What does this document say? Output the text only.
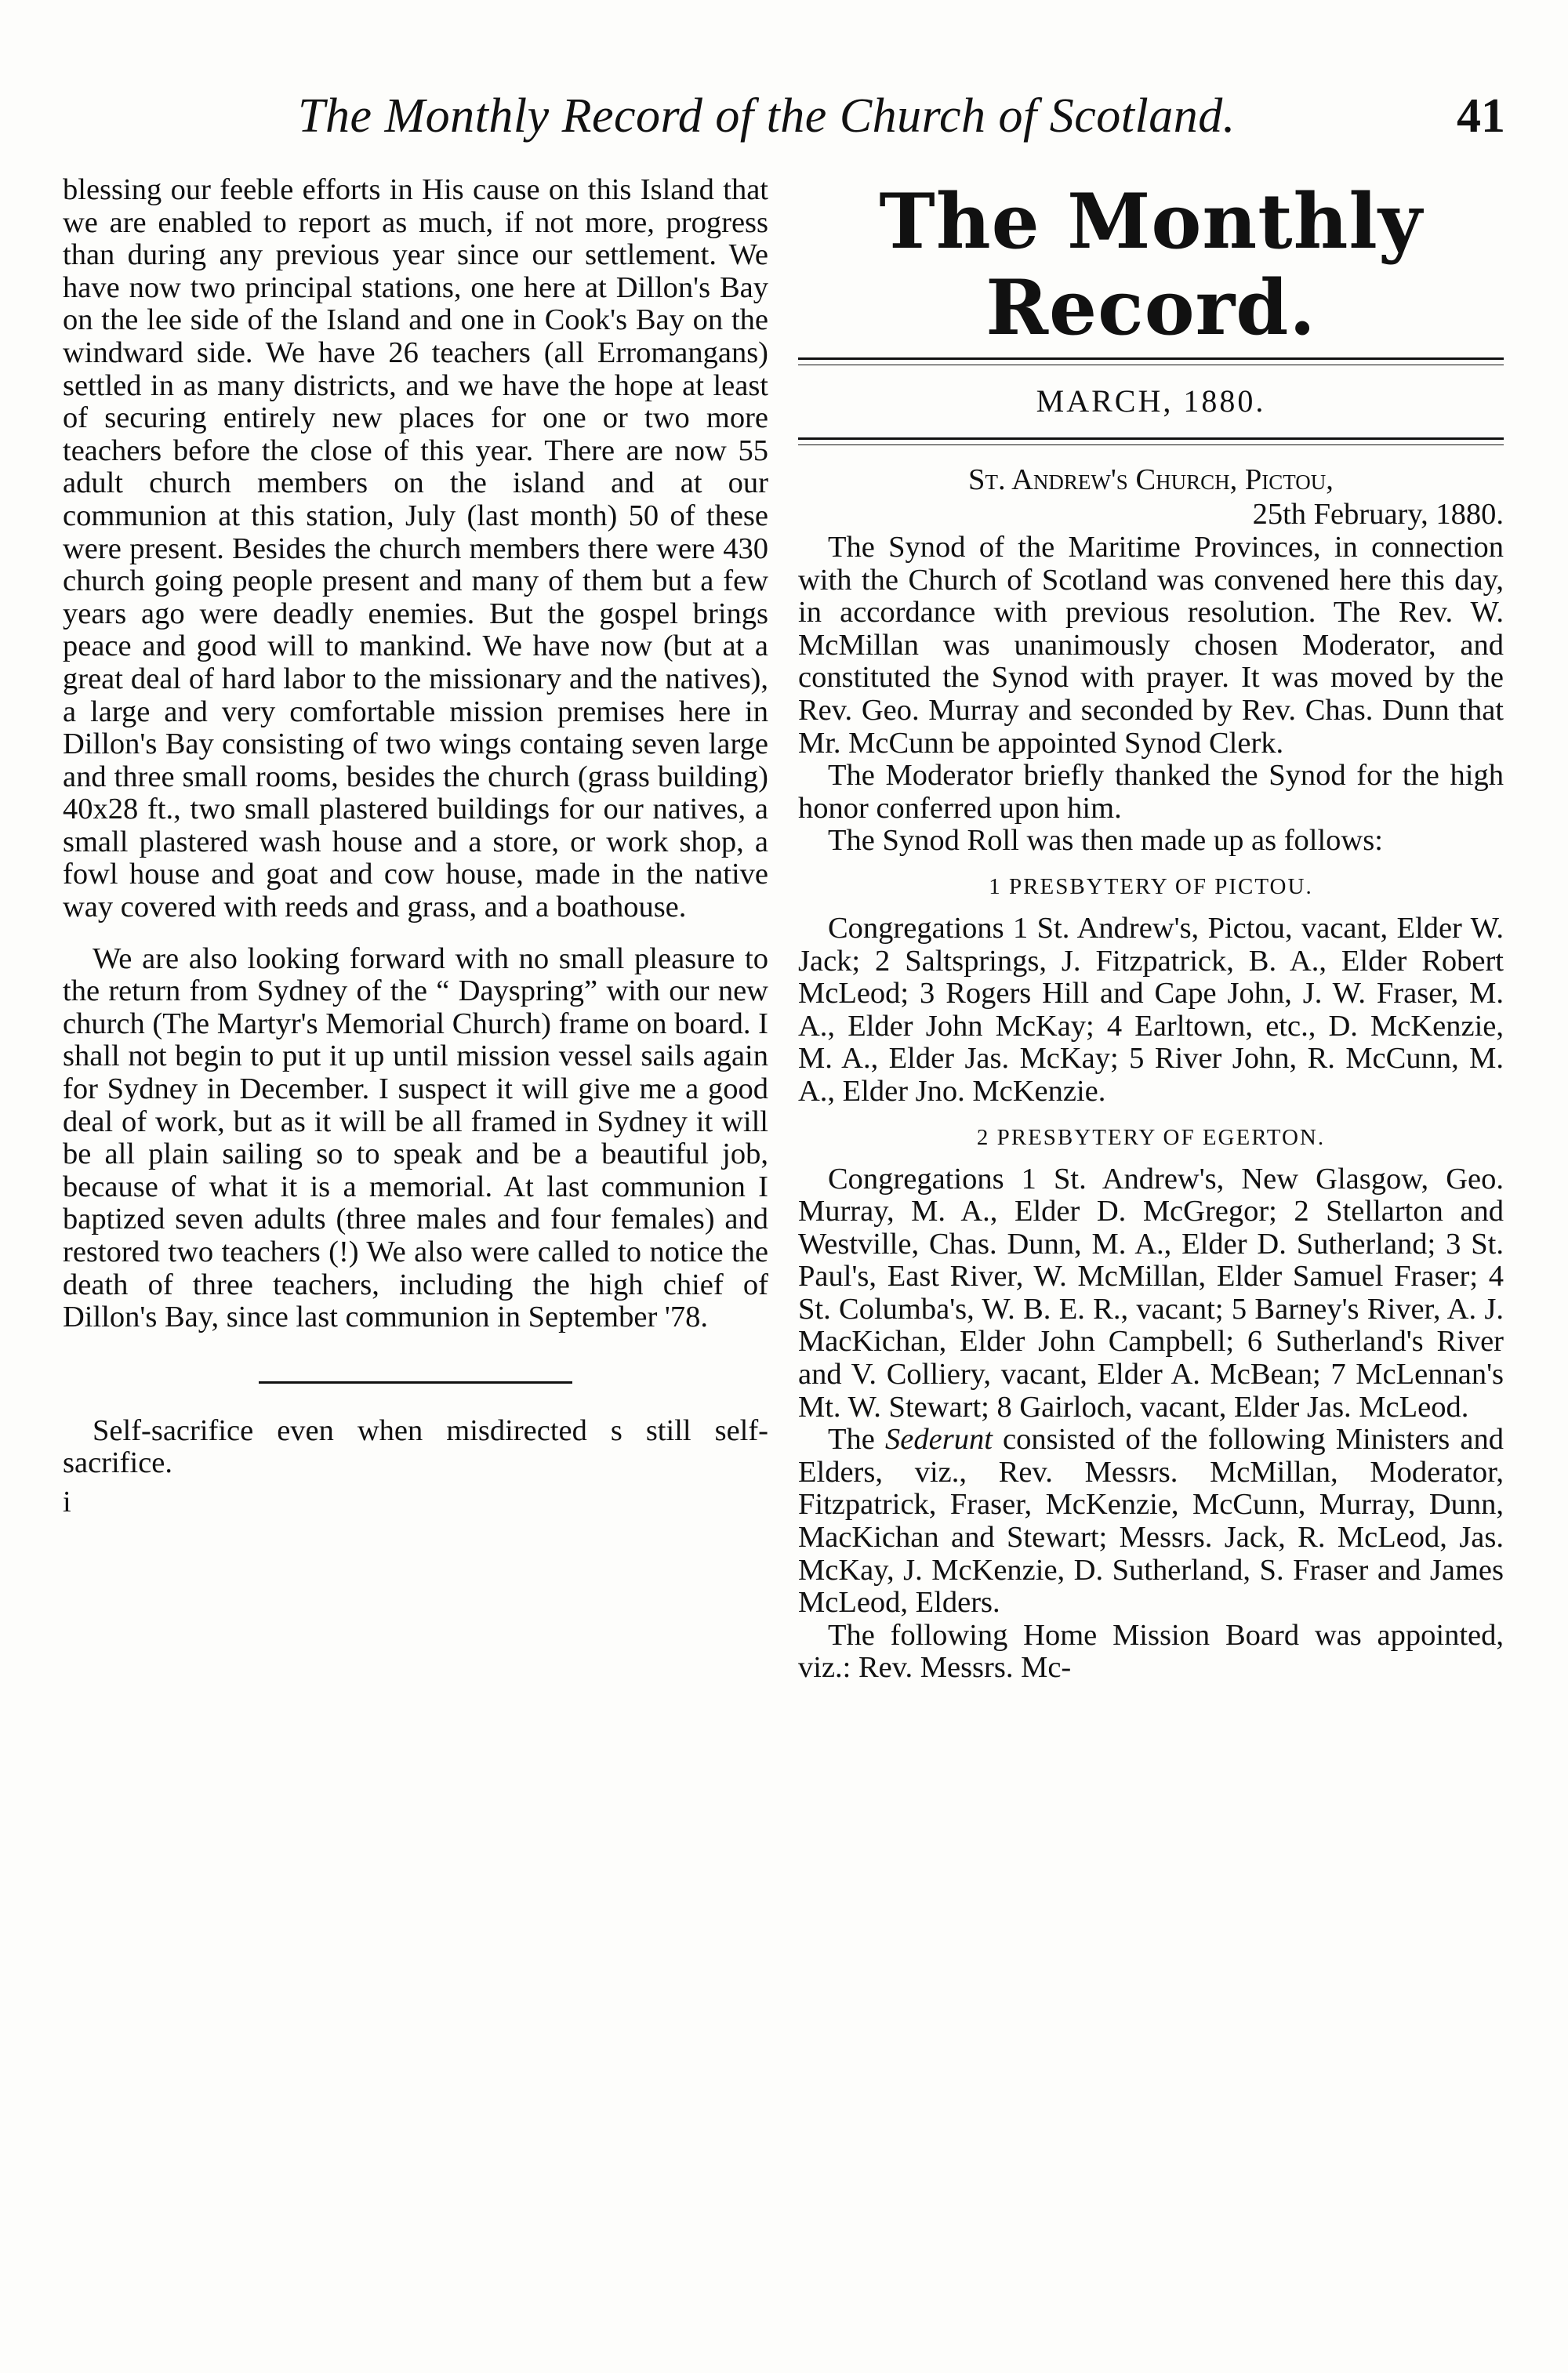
The Monthly Record of the Church of Scotland.	41

blessing our feeble efforts in His cause on this Island that we are enabled to report as much, if not more, progress than during any previous year since our settlement. We have now two principal stations, one here at Dillon's Bay on the lee side of the Island and one in Cook's Bay on the windward side. We have 26 teachers (all Erromangans) settled in as many districts, and we have the hope at least of securing entirely new places for one or two more teachers before the close of this year. There are now 55 adult church members on the island and at our communion at this station, July (last month) 50 of these were present. Besides the church members there were 430 church going people present and many of them but a few years ago were deadly enemies. But the gospel brings peace and good will to mankind. We have now (but at a great deal of hard labor to the missionary and the natives), a large and very comfortable mission premises here in Dillon's Bay consisting of two wings containg seven large and three small rooms, besides the church (grass building) 40x28 ft., two small plastered buildings for our natives, a small plastered wash house and a store, or work shop, a fowl house and goat and cow house, made in the native way covered with reeds and grass, and a boathouse.

We are also looking forward with no small pleasure to the return from Sydney of the “ Dayspring” with our new church (The Martyr's Memorial Church) frame on board. I shall not begin to put it up until mission vessel sails again for Sydney in December. I suspect it will give me a good deal of work, but as it will be all framed in Sydney it will be all plain sailing so to speak and be a beautiful job, because of what it is a memorial. At last communion I baptized seven adults (three males and four females) and restored two teachers (!) We also were called to notice the death of three teachers, including the high chief of Dillon's Bay, since last communion in September '78.

Self-sacrifice even when misdirected s still self-sacrifice.

i
The Monthly Record.
MARCH, 1880.
St. Andrew's Church, Pictou,
25th February, 1880.

The Synod of the Maritime Provinces, in connection with the Church of Scotland was convened here this day, in accordance with previous resolution. The Rev. W. McMillan was unanimously chosen Moderator, and constituted the Synod with prayer. It was moved by the Rev. Geo. Murray and seconded by Rev. Chas. Dunn that Mr. McCunn be appointed Synod Clerk.

The Moderator briefly thanked the Synod for the high honor conferred upon him.

The Synod Roll was then made up as follows:

1 PRESBYTERY OF PICTOU.

Congregations 1 St. Andrew's, Pictou, vacant, Elder W. Jack; 2 Saltsprings, J. Fitzpatrick, B. A., Elder Robert McLeod; 3 Rogers Hill and Cape John, J. W. Fraser, M. A., Elder John McKay; 4 Earltown, etc., D. McKenzie, M. A., Elder Jas. McKay; 5 River John, R. McCunn, M. A., Elder Jno. McKenzie.

2 PRESBYTERY OF EGERTON.

Congregations 1 St. Andrew's, New Glasgow, Geo. Murray, M. A., Elder D. McGregor; 2 Stellarton and Westville, Chas. Dunn, M. A., Elder D. Sutherland; 3 St. Paul's, East River, W. McMillan, Elder Samuel Fraser; 4 St. Columba's, W. B. E. R., vacant; 5 Barney's River, A. J. MacKichan, Elder John Campbell; 6 Sutherland's River and V. Colliery, vacant, Elder A. McBean; 7 McLennan's Mt. W. Stewart; 8 Gairloch, vacant, Elder Jas. McLeod.

The Sederunt consisted of the following Ministers and Elders, viz., Rev. Messrs. McMillan, Moderator, Fitzpatrick, Fraser, McKenzie, McCunn, Murray, Dunn, MacKichan and Stewart; Messrs. Jack, R. McLeod, Jas. McKay, J. McKenzie, D. Sutherland, S. Fraser and James McLeod, Elders.

The following Home Mission Board was appointed, viz.: Rev. Messrs. Mc-
